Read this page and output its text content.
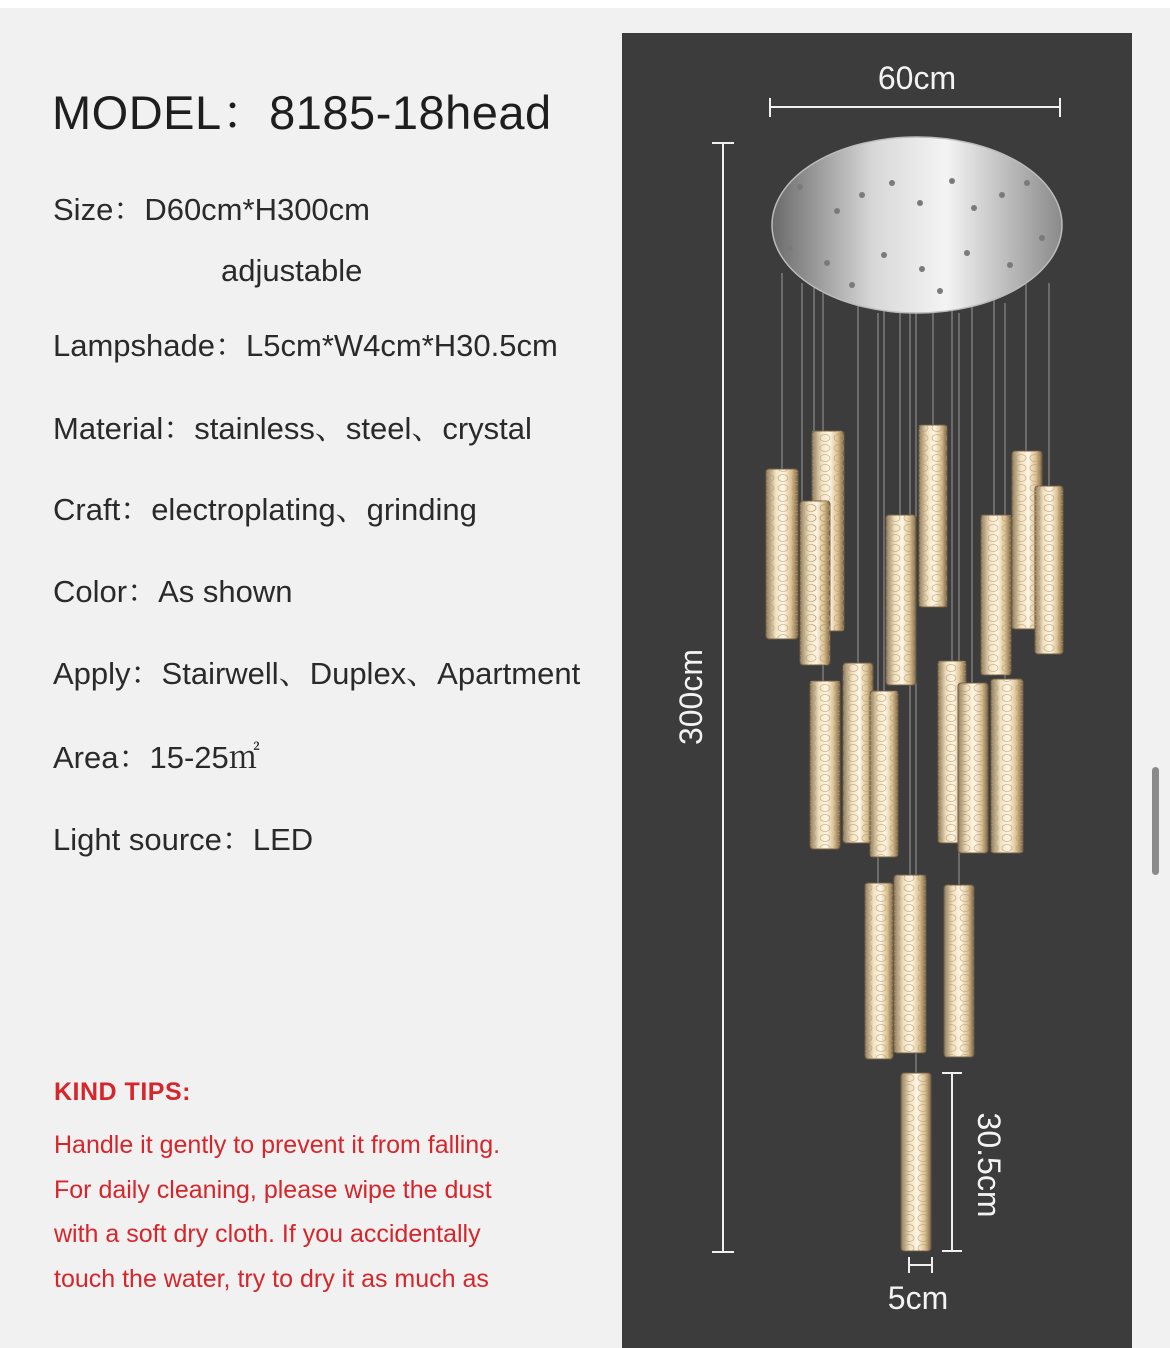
MODEL：8185-18head
Size：D60cm*H300cm
adjustable
Lampshade：L5cm*W4cm*H30.5cm
Material：stainless、steel、crystal
Craft：electroplating、grinding
Color：As shown
Apply：Stairwell、Duplex、Apartment
Area：15-25㎡
Light source：LED
KIND TIPS:
Handle it gently to prevent it from falling.
For daily cleaning, please wipe the dust
with a soft dry cloth. If you accidentally
touch the water, try to dry it as much as
60cm
300cm
30.5cm
5cm
